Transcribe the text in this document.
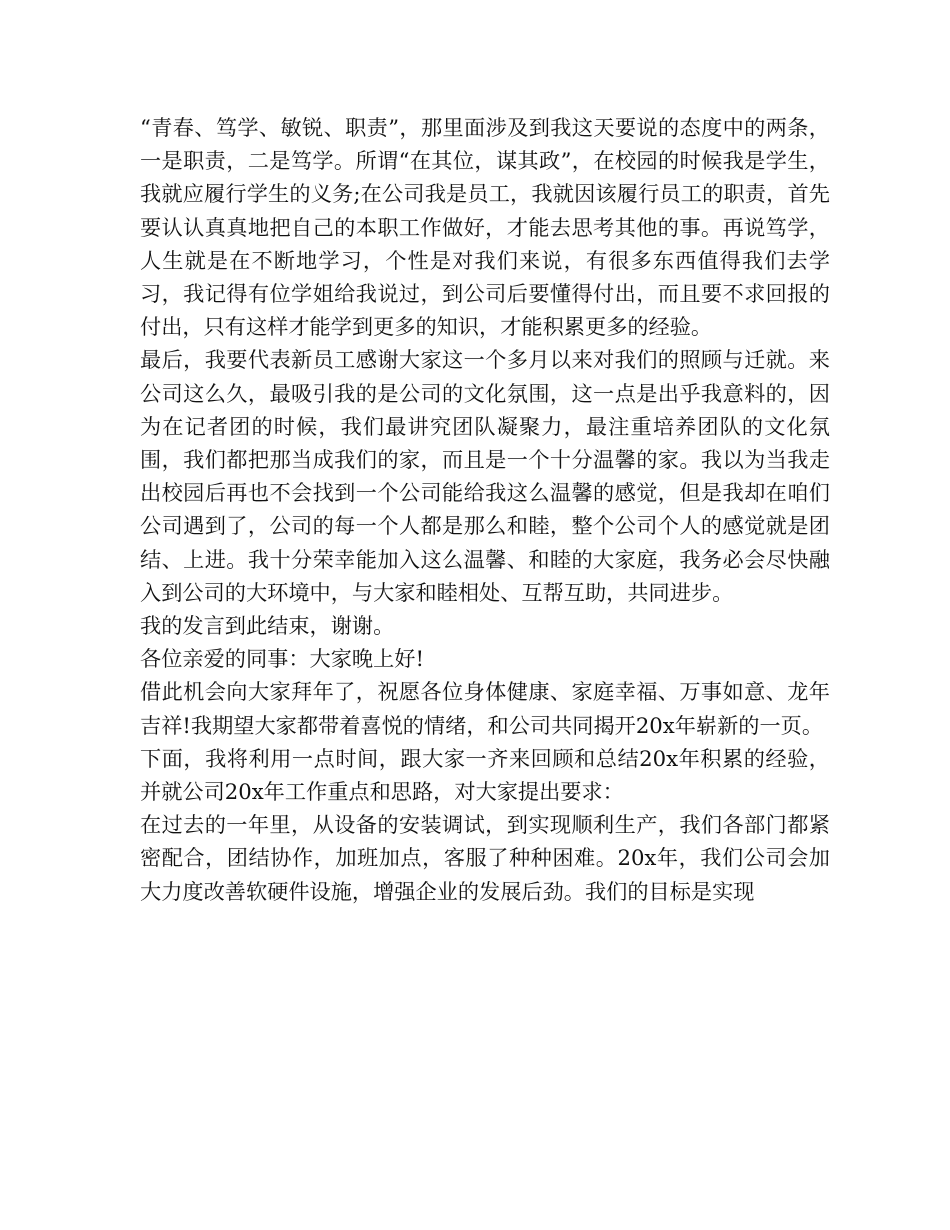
“青春、笃学、敏锐、职责”，那里面涉及到我这天要说的态度中的两条，一是职责，二是笃学。所谓“在其位，谋其政”，在校园的时候我是学生，我就应履行学生的义务;在公司我是员工，我就因该履行员工的职责，首先要认认真真地把自己的本职工作做好，才能去思考其他的事。再说笃学，人生就是在不断地学习，个性是对我们来说，有很多东西值得我们去学习，我记得有位学姐给我说过，到公司后要懂得付出，而且要不求回报的付出，只有这样才能学到更多的知识，才能积累更多的经验。

最后，我要代表新员工感谢大家这一个多月以来对我们的照顾与迁就。来公司这么久，最吸引我的是公司的文化氛围，这一点是出乎我意料的，因为在记者团的时候，我们最讲究团队凝聚力，最注重培养团队的文化氛围，我们都把那当成我们的家，而且是一个十分温馨的家。我以为当我走出校园后再也不会找到一个公司能给我这么温馨的感觉，但是我却在咱们公司遇到了，公司的每一个人都是那么和睦，整个公司个人的感觉就是团结、上进。我十分荣幸能加入这么温馨、和睦的大家庭，我务必会尽快融入到公司的大环境中，与大家和睦相处、互帮互助，共同进步。

我的发言到此结束，谢谢。

各位亲爱的同事：大家晚上好!

借此机会向大家拜年了，祝愿各位身体健康、家庭幸福、万事如意、龙年吉祥!我期望大家都带着喜悦的情绪，和公司共同揭开20x年崭新的一页。

下面，我将利用一点时间，跟大家一齐来回顾和总结20x年积累的经验，并就公司20x年工作重点和思路，对大家提出要求：

在过去的一年里，从设备的安装调试，到实现顺利生产，我们各部门都紧密配合，团结协作，加班加点，客服了种种困难。20x年，我们公司会加大力度改善软硬件设施，增强企业的发展后劲。我们的目标是实现
